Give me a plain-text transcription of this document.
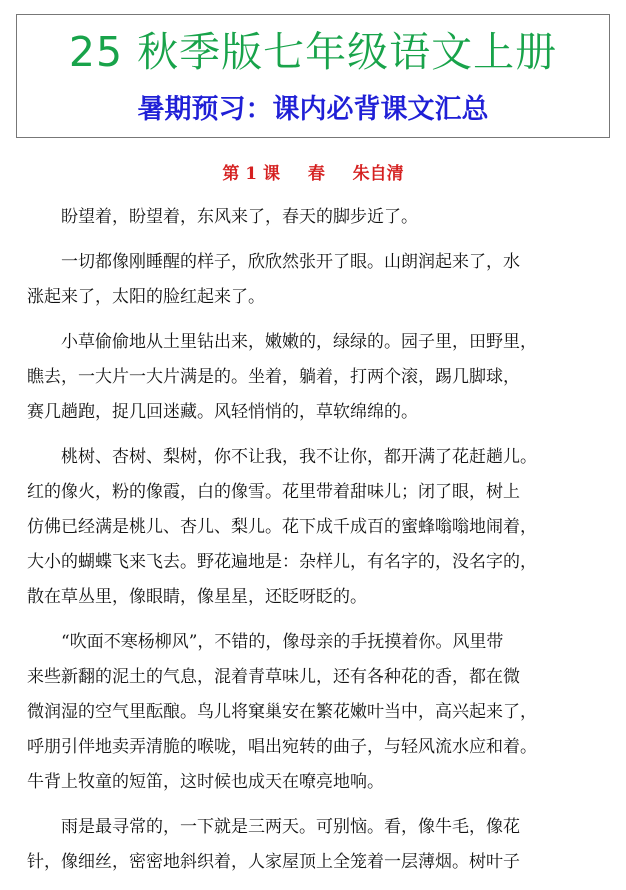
25 秋季版七年级语文上册
暑期预习：课内必背课文汇总
第 1 课 春 朱自清
盼望着，盼望着，东风来了，春天的脚步近了。
一切都像刚睡醒的样子，欣欣然张开了眼。山朗润起来了，水
涨起来了，太阳的脸红起来了。
小草偷偷地从土里钻出来，嫩嫩的，绿绿的。园子里，田野里，
瞧去，一大片一大片满是的。坐着，躺着，打两个滚，踢几脚球，
赛几趟跑，捉几回迷藏。风轻悄悄的，草软绵绵的。
桃树、杏树、梨树，你不让我，我不让你，都开满了花赶趟儿。
红的像火，粉的像霞，白的像雪。花里带着甜味儿；闭了眼，树上
仿佛已经满是桃儿、杏儿、梨儿。花下成千成百的蜜蜂嗡嗡地闹着，
大小的蝴蝶飞来飞去。野花遍地是：杂样儿，有名字的，没名字的，
散在草丛里，像眼睛，像星星，还眨呀眨的。
“吹面不寒杨柳风”，不错的，像母亲的手抚摸着你。风里带
来些新翻的泥土的气息，混着青草味儿，还有各种花的香，都在微
微润湿的空气里酝酿。鸟儿将窠巢安在繁花嫩叶当中，高兴起来了，
呼朋引伴地卖弄清脆的喉咙，唱出宛转的曲子，与轻风流水应和着。
牛背上牧童的短笛，这时候也成天在嘹亮地响。
雨是最寻常的，一下就是三两天。可别恼。看，像牛毛，像花
针，像细丝，密密地斜织着，人家屋顶上全笼着一层薄烟。树叶子
